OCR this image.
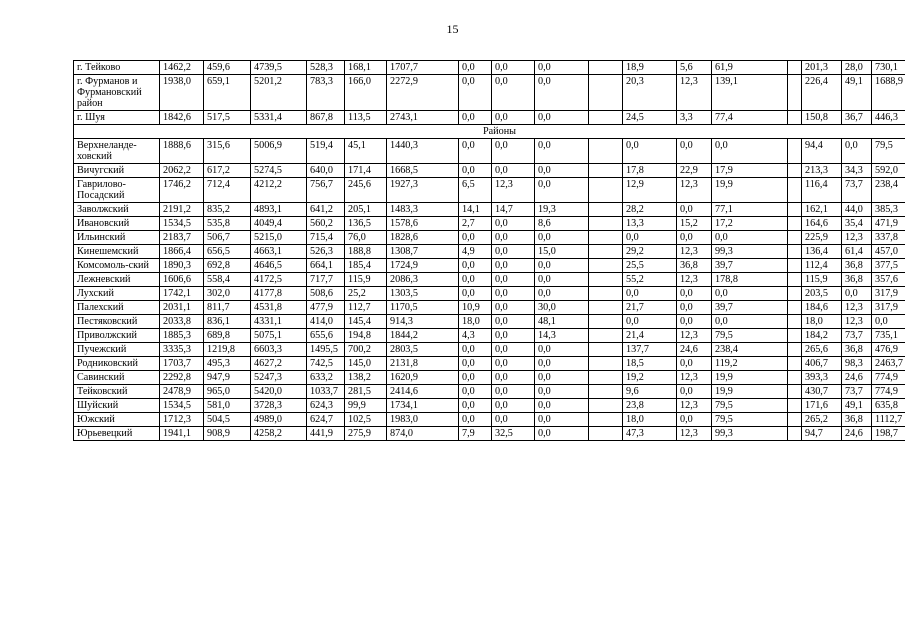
15
г. Тейково	1462,2	459,6	4739,5	528,3	168,1	1707,7	0,0	0,0	0,0		18,9	5,6	61,9		201,3	28,0	730,1
г. Фурманов и Фурмановский район	1938,0	659,1	5201,2	783,3	166,0	2272,9	0,0	0,0	0,0		20,3	12,3	139,1		226,4	49,1	1688,9
г. Шуя	1842,6	517,5	5331,4	867,8	113,5	2743,1	0,0	0,0	0,0		24,5	3,3	77,4		150,8	36,7	446,3
Районы																	
Верхнеланде-ховский	1888,6	315,6	5006,9	519,4	45,1	1440,3	0,0	0,0	0,0		0,0	0,0	0,0		94,4	0,0	79,5
Вичугский	2062,2	617,2	5274,5	640,0	171,4	1668,5	0,0	0,0	0,0		17,8	22,9	17,9		213,3	34,3	592,0
Гаврилово-Посадский	1746,2	712,4	4212,2	756,7	245,6	1927,3	6,5	12,3	0,0		12,9	12,3	19,9		116,4	73,7	238,4
Заволжский	2191,2	835,2	4893,1	641,2	205,1	1483,3	14,1	14,7	19,3		28,2	0,0	77,1		162,1	44,0	385,3
Ивановский	1534,5	535,8	4049,4	560,2	136,5	1578,6	2,7	0,0	8,6		13,3	15,2	17,2		164,6	35,4	471,9
Ильинский	2183,7	506,7	5215,0	715,4	76,0	1828,6	0,0	0,0	0,0		0,0	0,0	0,0		225,9	12,3	337,8
Кинешемский	1866,4	656,5	4663,1	526,3	188,8	1308,7	4,9	0,0	15,0		29,2	12,3	99,3		136,4	61,4	457,0
Комсомоль-ский	1890,3	692,8	4646,5	664,1	185,4	1724,9	0,0	0,0	0,0		25,5	36,8	39,7		112,4	36,8	377,5
Лежневский	1606,6	558,4	4172,5	717,7	115,9	2086,3	0,0	0,0	0,0		55,2	12,3	178,8		115,9	36,8	357,6
Лухский	1742,1	302,0	4177,8	508,6	25,2	1303,5	0,0	0,0	0,0		0,0	0,0	0,0		203,5	0,0	317,9
Палехский	2031,1	811,7	4531,8	477,9	112,7	1170,5	10,9	0,0	30,0		21,7	0,0	39,7		184,6	12,3	317,9
Пестяковский	2033,8	836,1	4331,1	414,0	145,4	914,3	18,0	0,0	48,1		0,0	0,0	0,0		18,0	12,3	0,0
Приволжский	1885,3	689,8	5075,1	655,6	194,8	1844,2	4,3	0,0	14,3		21,4	12,3	79,5		184,2	73,7	735,1
Пучежский	3335,3	1219,8	6603,3	1495,5	700,2	2803,5	0,0	0,0	0,0		137,7	24,6	238,4		265,6	36,8	476,9
Родниковский	1703,7	495,3	4627,2	742,5	145,0	2131,8	0,0	0,0	0,0		18,5	0,0	119,2		406,7	98,3	2463,7
Савинский	2292,8	947,9	5247,3	633,2	138,2	1620,9	0,0	0,0	0,0		19,2	12,3	19,9		393,3	24,6	774,9
Тейковский	2478,9	965,0	5420,0	1033,7	281,5	2414,6	0,0	0,0	0,0		9,6	0,0	19,9		430,7	73,7	774,9
Шуйский	1534,5	581,0	3728,3	624,3	99,9	1734,1	0,0	0,0	0,0		23,8	12,3	79,5		171,6	49,1	635,8
Южский	1712,3	504,5	4989,0	624,7	102,5	1983,0	0,0	0,0	0,0		18,0	0,0	79,5		265,2	36,8	1112,7
Юрьевецкий	1941,1	908,9	4258,2	441,9	275,9	874,0	7,9	32,5	0,0		47,3	12,3	99,3		94,7	24,6	198,7
